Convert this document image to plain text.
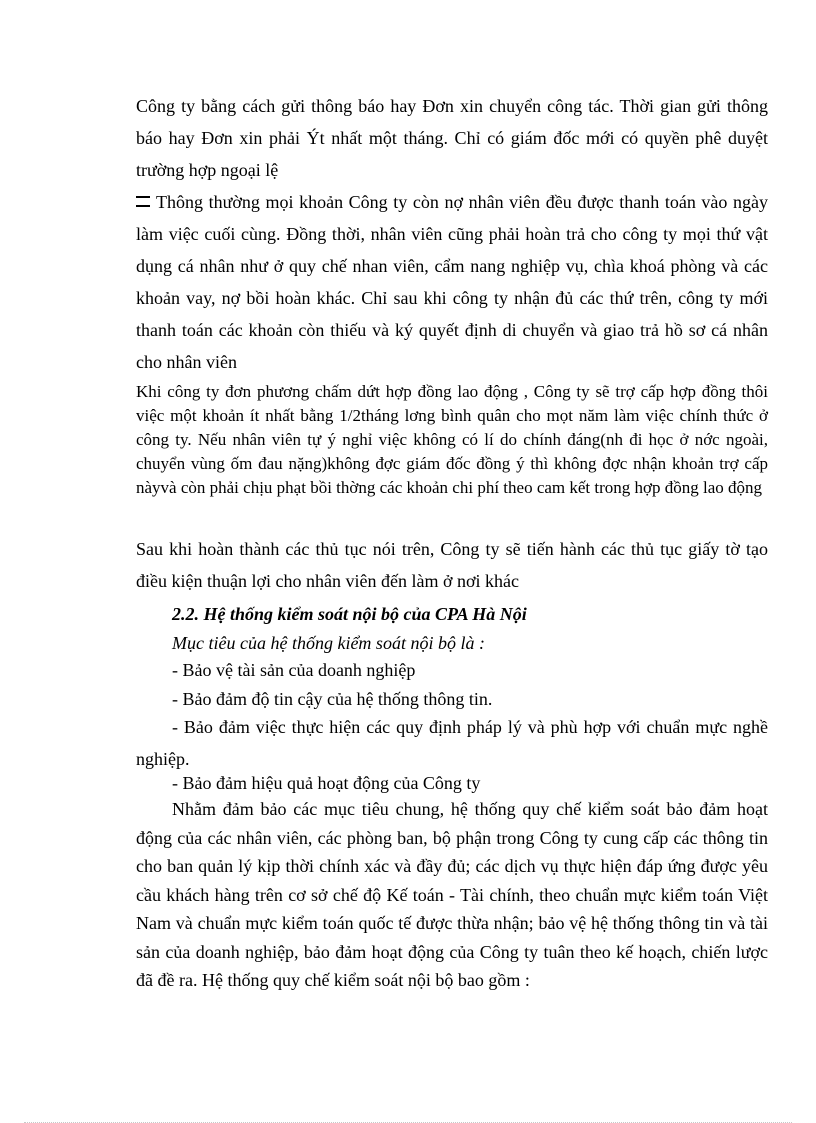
Công ty bằng cách gửi thông báo hay Đơn xin chuyển công tác. Thời gian gửi thông báo hay Đơn xin phải Ýt nhất một tháng. Chỉ có giám đốc mới có quyền phê duyệt trường hợp ngoại lệ

Thông thường mọi khoản Công ty còn nợ nhân viên đều được thanh toán vào ngày làm việc cuối cùng. Đồng thời, nhân viên cũng phải hoàn trả cho công ty mọi thứ vật dụng cá nhân như ở quy chế nhan viên, cẩm nang nghiệp vụ, chìa khoá phòng và các khoản vay, nợ bồi hoàn khác. Chỉ sau khi công ty nhận đủ các thứ trên, công ty mới thanh toán các khoản còn thiếu và ký quyết định di chuyển và giao trả hồ sơ cá nhân cho nhân viên

Khi công ty đơn phương chấm dứt hợp đồng lao động , Công ty sẽ trợ cấp hợp đồng thôi việc một khoản ít nhất bằng 1/2tháng lơng bình quân cho mọt năm làm việc chính thức ở công ty. Nếu nhân viên tự ý nghỉ việc không có lí do chính đáng(nh đi học ở nớc ngoài, chuyển vùng ốm đau nặng)không đợc giám đốc đồng ý thì không đợc nhận khoản trợ cấp nàyvà còn phải chịu phạt bồi thờng các khoản chi phí theo cam kết trong hợp đồng lao động

Sau khi hoàn thành các thủ tục nói trên, Công ty sẽ tiến hành các thủ tục giấy tờ tạo điều kiện thuận lợi cho nhân viên đến làm ở nơi khác

2.2. Hệ thống kiểm soát nội bộ của CPA Hà Nội

Mục tiêu của hệ thống kiểm soát nội bộ là :

- Bảo vệ tài sản của doanh nghiệp

- Bảo đảm độ tin cậy của hệ thống thông tin.

- Bảo đảm việc thực hiện các quy định pháp lý và phù hợp với chuẩn mực nghề nghiệp.

- Bảo đảm hiệu quả hoạt động của Công ty

Nhằm đảm bảo các mục tiêu chung, hệ thống quy chế kiểm soát bảo đảm hoạt động của các nhân viên, các phòng ban, bộ phận trong Công ty cung cấp các thông tin cho ban quản lý kịp thời chính xác và đầy đủ; các dịch vụ thực hiện đáp ứng được yêu cầu khách hàng trên cơ sở chế độ Kế toán - Tài chính, theo chuẩn mực kiểm toán Việt Nam và chuẩn mực kiểm toán quốc tế được thừa nhận; bảo vệ hệ thống thông tin và tài sản của doanh nghiệp, bảo đảm hoạt động của Công ty tuân theo kế hoạch, chiến lược đã đề ra. Hệ thống quy chế kiểm soát nội bộ bao gồm :
